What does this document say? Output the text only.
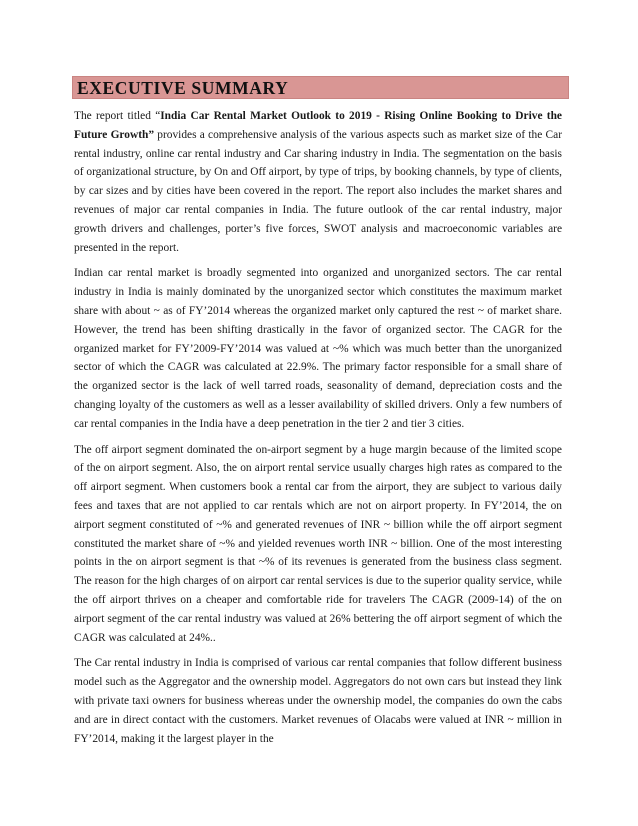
EXECUTIVE SUMMARY

The report titled “India Car Rental Market Outlook to 2019 - Rising Online Booking to Drive the Future Growth” provides a comprehensive analysis of the various aspects such as market size of the Car rental industry, online car rental industry and Car sharing industry in India. The segmentation on the basis of organizational structure, by On and Off airport, by type of trips, by booking channels, by type of clients, by car sizes and by cities have been covered in the report. The report also includes the market shares and revenues of major car rental companies in India. The future outlook of the car rental industry, major growth drivers and challenges, porter’s five forces, SWOT analysis and macroeconomic variables are presented in the report.

Indian car rental market is broadly segmented into organized and unorganized sectors. The car rental industry in India is mainly dominated by the unorganized sector which constitutes the maximum market share with about ~ as of FY’2014 whereas the organized market only captured the rest ~ of market share. However, the trend has been shifting drastically in the favor of organized sector. The CAGR for the organized market for FY’2009-FY’2014 was valued at ~% which was much better than the unorganized sector of which the CAGR was calculated at 22.9%. The primary factor responsible for a small share of the organized sector is the lack of well tarred roads, seasonality of demand, depreciation costs and the changing loyalty of the customers as well as a lesser availability of skilled drivers. Only a few numbers of car rental companies in the India have a deep penetration in the tier 2 and tier 3 cities.

The off airport segment dominated the on-airport segment by a huge margin because of the limited scope of the on airport segment. Also, the on airport rental service usually charges high rates as compared to the off airport segment. When customers book a rental car from the airport, they are subject to various daily fees and taxes that are not applied to car rentals which are not on airport property. In FY’2014, the on airport segment constituted of ~% and generated revenues of INR ~ billion while the off airport segment constituted the market share of ~% and yielded revenues worth INR ~ billion. One of the most interesting points in the on airport segment is that ~% of its revenues is generated from the business class segment. The reason for the high charges of on airport car rental services is due to the superior quality service, while the off airport thrives on a cheaper and comfortable ride for travelers The CAGR (2009-14) of the on airport segment of the car rental industry was valued at 26% bettering the off airport segment of which the CAGR was calculated at 24%..

The Car rental industry in India is comprised of various car rental companies that follow different business model such as the Aggregator and the ownership model. Aggregators do not own cars but instead they link with private taxi owners for business whereas under the ownership model, the companies do own the cabs and are in direct contact with the customers. Market revenues of Olacabs were valued at INR ~ million in FY’2014, making it the largest player in the
